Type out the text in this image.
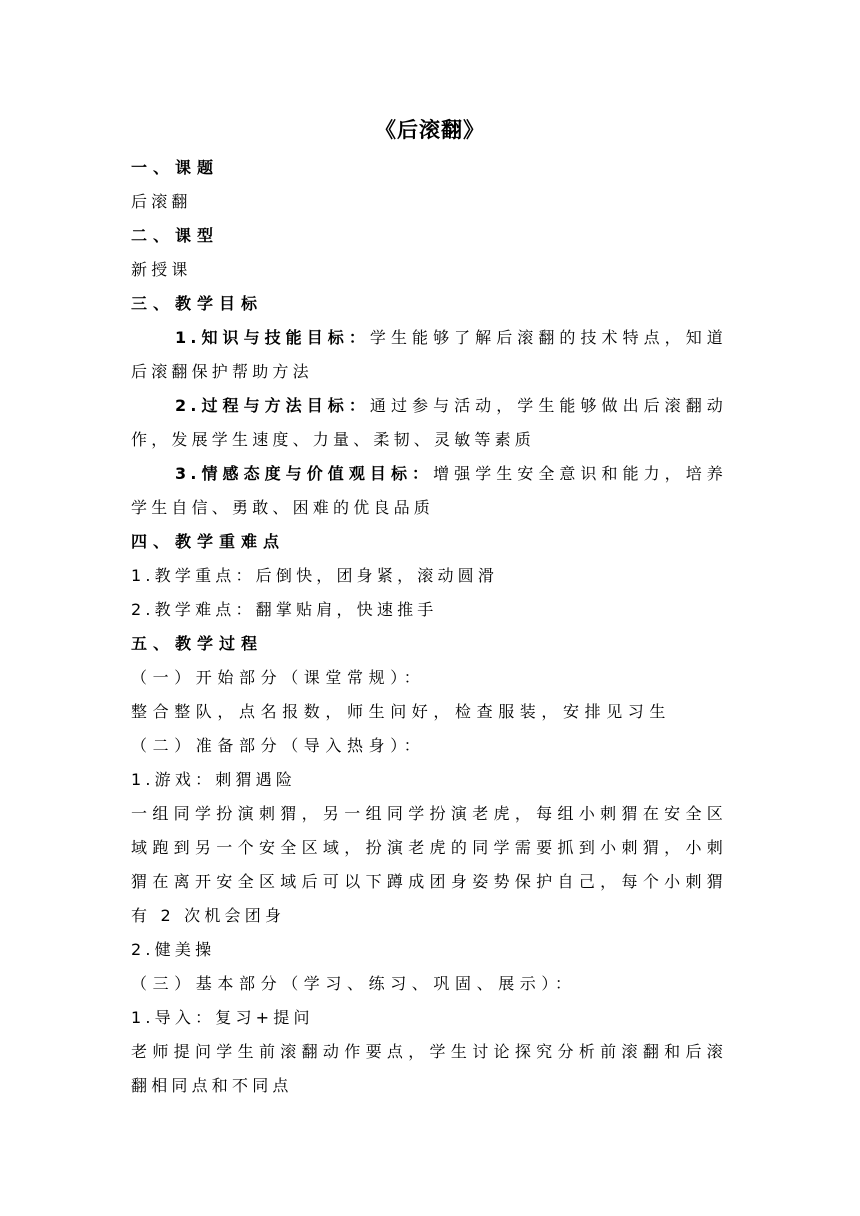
《后滚翻》
一、课题
后滚翻
二、课型
新授课
三、教学目标
1.知识与技能目标：学生能够了解后滚翻的技术特点，知道
后滚翻保护帮助方法
2.过程与方法目标：通过参与活动，学生能够做出后滚翻动
作，发展学生速度、力量、柔韧、灵敏等素质
3.情感态度与价值观目标：增强学生安全意识和能力，培养
学生自信、勇敢、困难的优良品质
四、教学重难点
1.教学重点：后倒快，团身紧，滚动圆滑
2.教学难点：翻掌贴肩，快速推手
五、教学过程
（一）开始部分（课堂常规）：
整合整队，点名报数，师生问好，检查服装，安排见习生
（二）准备部分（导入热身）：
1.游戏：刺猬遇险
一组同学扮演刺猬，另一组同学扮演老虎，每组小刺猬在安全区
域跑到另一个安全区域，扮演老虎的同学需要抓到小刺猬，小刺
猬在离开安全区域后可以下蹲成团身姿势保护自己，每个小刺猬
有 2 次机会团身
2.健美操
（三）基本部分（学习、练习、巩固、展示）：
1.导入：复习+提问
老师提问学生前滚翻动作要点，学生讨论探究分析前滚翻和后滚
翻相同点和不同点
